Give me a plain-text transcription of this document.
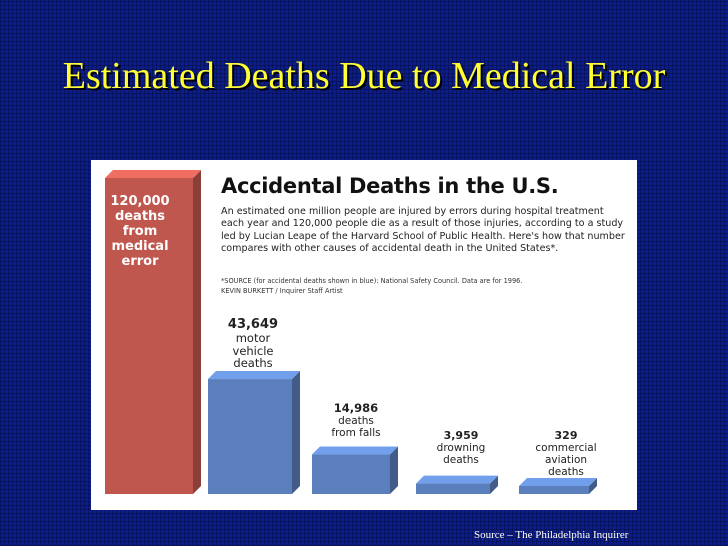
Estimated Deaths Due to Medical Error
Accidental Deaths in the U.S.
An estimated one million people are injured by errors during hospital treatment each year and 120,000 people die as a result of those injuries, according to a study led by Lucian Leape of the Harvard School of Public Health. Here's how that number compares with other causes of accidental death in the United States*.
*SOURCE (for accidental deaths shown in blue): National Safety Council. Data are for 1996.
KEVIN BURKETT / Inquirer Staff Artist
120,000
deaths
from
medical
error
43,649
motor
vehicle
deaths
14,986
deaths
from falls	3,959
drowning
deaths
329
commercial
aviation
deaths
Source – The Philadelphia Inquirer
